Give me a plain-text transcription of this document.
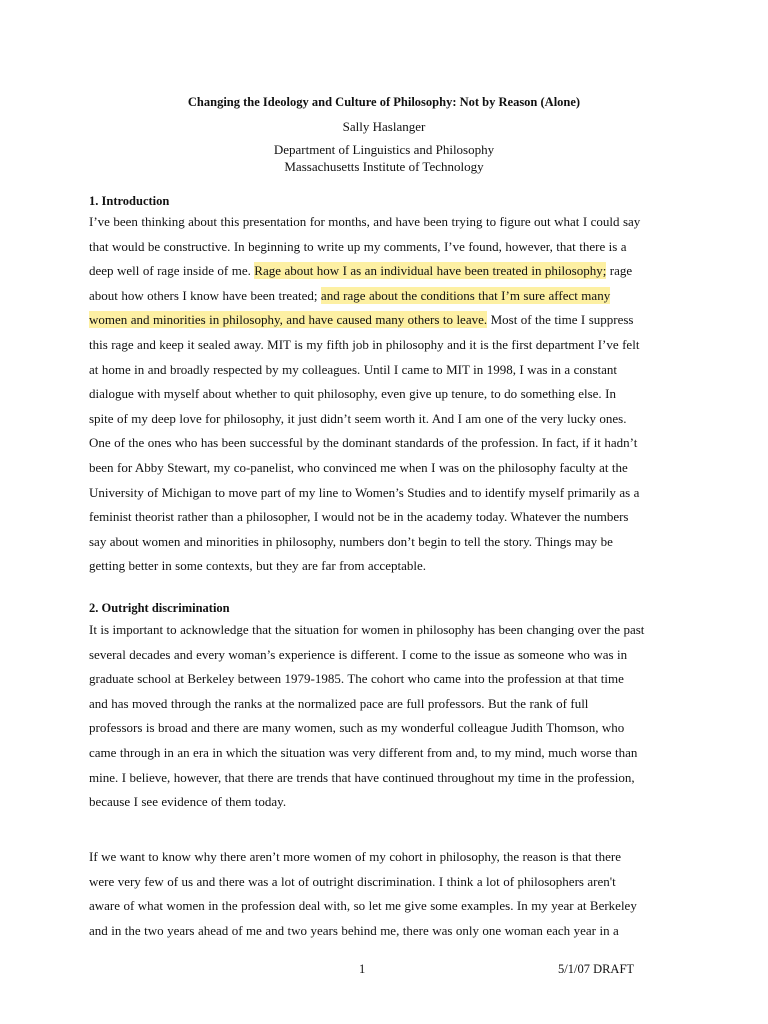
Changing the Ideology and Culture of Philosophy: Not by Reason (Alone)
Sally Haslanger
Department of Linguistics and Philosophy
Massachusetts Institute of Technology
1. Introduction
I’ve been thinking about this presentation for months, and have been trying to figure out what I could say
that would be constructive. In beginning to write up my comments, I’ve found, however, that there is a
deep well of rage inside of me. Rage about how I as an individual have been treated in philosophy; rage
about how others I know have been treated; and rage about the conditions that I’m sure affect many
women and minorities in philosophy, and have caused many others to leave. Most of the time I suppress
this rage and keep it sealed away. MIT is my fifth job in philosophy and it is the first department I’ve felt
at home in and broadly respected by my colleagues. Until I came to MIT in 1998, I was in a constant
dialogue with myself about whether to quit philosophy, even give up tenure, to do something else. In
spite of my deep love for philosophy, it just didn’t seem worth it. And I am one of the very lucky ones.
One of the ones who has been successful by the dominant standards of the profession. In fact, if it hadn’t
been for Abby Stewart, my co-panelist, who convinced me when I was on the philosophy faculty at the
University of Michigan to move part of my line to Women’s Studies and to identify myself primarily as a
feminist theorist rather than a philosopher, I would not be in the academy today. Whatever the numbers
say about women and minorities in philosophy, numbers don’t begin to tell the story. Things may be
getting better in some contexts, but they are far from acceptable.
2. Outright discrimination
It is important to acknowledge that the situation for women in philosophy has been changing over the past
several decades and every woman’s experience is different. I come to the issue as someone who was in
graduate school at Berkeley between 1979-1985. The cohort who came into the profession at that time
and has moved through the ranks at the normalized pace are full professors. But the rank of full
professors is broad and there are many women, such as my wonderful colleague Judith Thomson, who
came through in an era in which the situation was very different from and, to my mind, much worse than
mine. I believe, however, that there are trends that have continued throughout my time in the profession,
because I see evidence of them today.
If we want to know why there aren’t more women of my cohort in philosophy, the reason is that there
were very few of us and there was a lot of outright discrimination. I think a lot of philosophers aren't
aware of what women in the profession deal with, so let me give some examples. In my year at Berkeley
and in the two years ahead of me and two years behind me, there was only one woman each year in a
1	5/1/07 DRAFT
